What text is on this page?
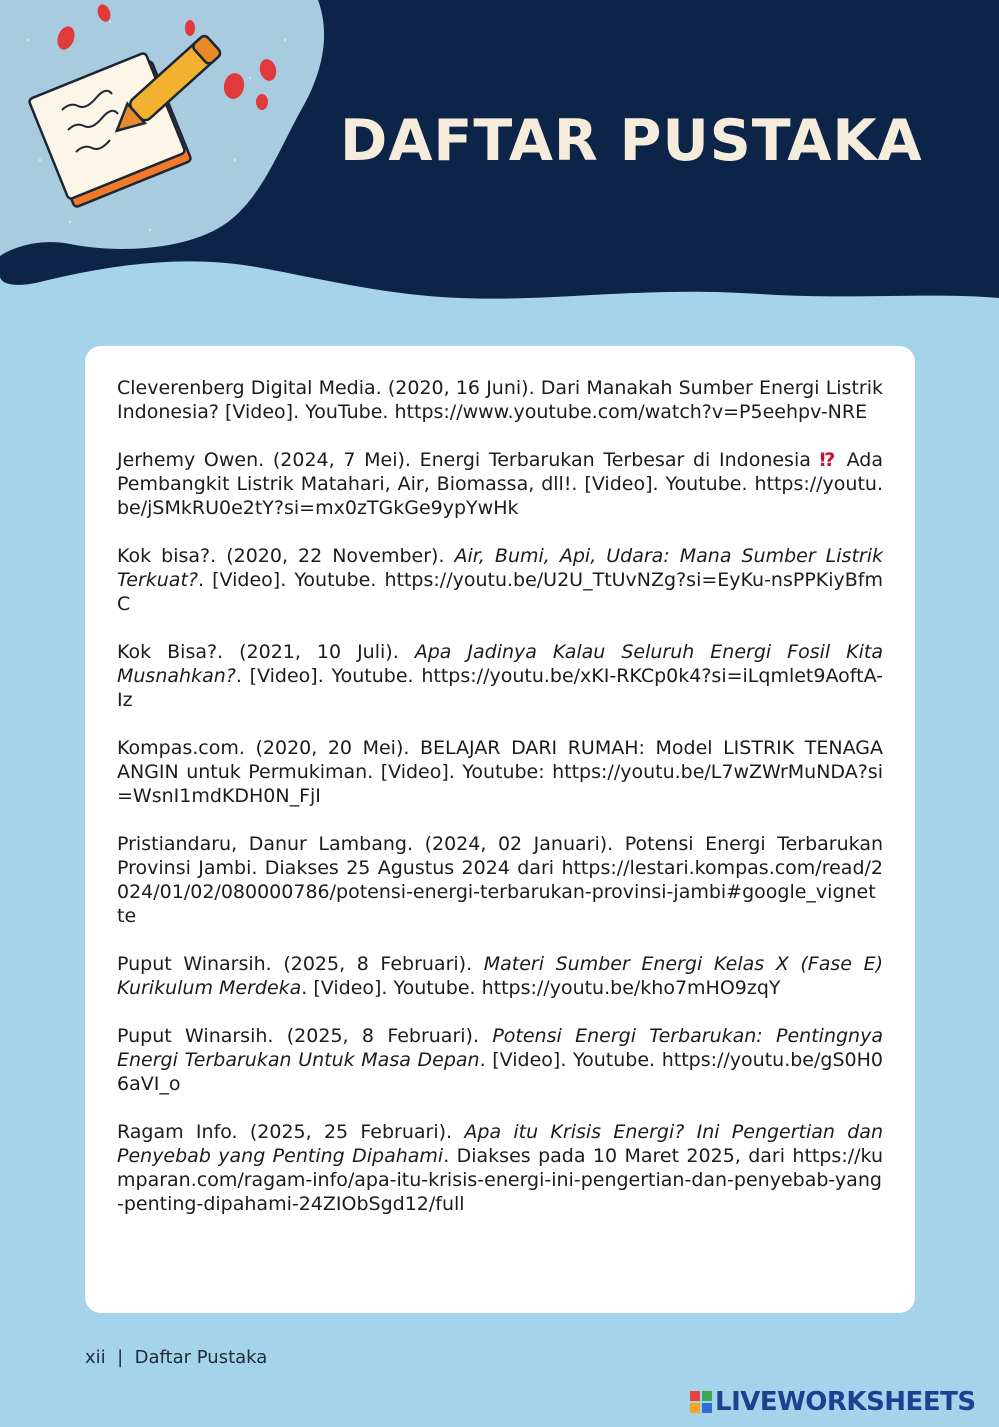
DAFTAR PUSTAKA

Cleverenberg Digital Media. (2020, 16 Juni). Dari Manakah Sumber Energi Listrik Indonesia? [Video]. YouTube. https://www.youtube.com/watch?v=P5eehpv-NRE

Jerhemy Owen. (2024, 7 Mei). Energi Terbarukan Terbesar di Indonesia ⁉ Ada Pembangkit Listrik Matahari, Air, Biomassa, dll!. [Video]. Youtube. https://youtu.be/jSMkRU0e2tY?si=mx0zTGkGe9ypYwHk

Kok bisa?. (2020, 22 November). Air, Bumi, Api, Udara: Mana Sumber Listrik Terkuat?. [Video]. Youtube. https://youtu.be/U2U_TtUvNZg?si=EyKu-nsPPKiyBfmC

Kok Bisa?. (2021, 10 Juli). Apa Jadinya Kalau Seluruh Energi Fosil Kita Musnahkan?. [Video]. Youtube. https://youtu.be/xKI-RKCp0k4?si=iLqmlet9AoftA-Iz

Kompas.com. (2020, 20 Mei). BELAJAR DARI RUMAH: Model LISTRIK TENAGA ANGIN untuk Permukiman. [Video]. Youtube: https://youtu.be/L7wZWrMuNDA?si=WsnI1mdKDH0N_FjI

Pristiandaru, Danur Lambang. (2024, 02 Januari). Potensi Energi Terbarukan Provinsi Jambi. Diakses 25 Agustus 2024 dari https://lestari.kompas.com/read/2024/01/02/080000786/potensi-energi-terbarukan-provinsi-jambi#google_vignette

Puput Winarsih. (2025, 8 Februari). Materi Sumber Energi Kelas X (Fase E) Kurikulum Merdeka. [Video]. Youtube. https://youtu.be/kho7mHO9zqY

Puput Winarsih. (2025, 8 Februari). Potensi Energi Terbarukan: Pentingnya Energi Terbarukan Untuk Masa Depan. [Video]. Youtube. https://youtu.be/gS0H06aVI_o

Ragam Info. (2025, 25 Februari). Apa itu Krisis Energi? Ini Pengertian dan Penyebab yang Penting Dipahami. Diakses pada 10 Maret 2025, dari https://kumparan.com/ragam-info/apa-itu-krisis-energi-ini-pengertian-dan-penyebab-yang-penting-dipahami-24ZIObSgd12/full

xii | Daftar Pustaka
LIVEWORKSHEETS
